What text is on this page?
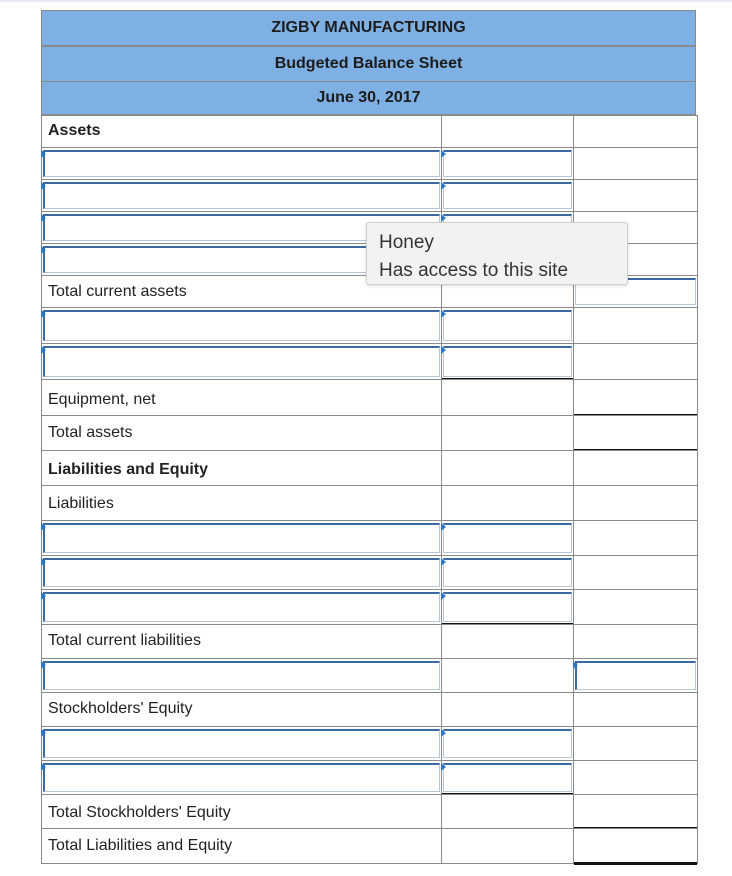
ZIGBY MANUFACTURING
Budgeted Balance Sheet
June 30, 2017
Assets
Total current assets
Equipment, net
Total assets
Liabilities and Equity
Liabilities
Total current liabilities
Stockholders' Equity
Total Stockholders' Equity
Total Liabilities and Equity
Honey
Has access to this site
